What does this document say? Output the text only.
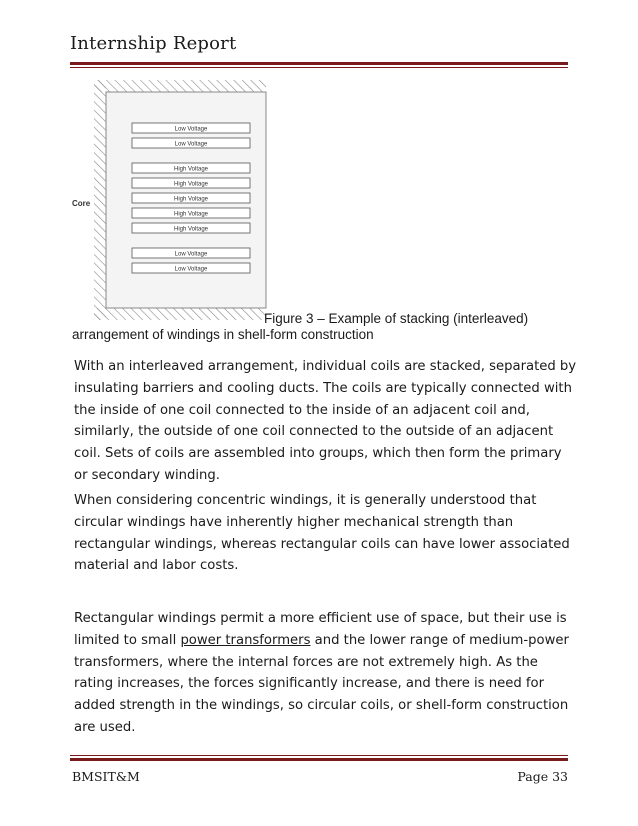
Internship Report
Core
Low Voltage
Low Voltage
High Voltage
High Voltage
High Voltage
High Voltage
High Voltage
Low Voltage
Low Voltage
Figure 3 – Example of stacking (interleaved)
arrangement of windings in shell-form construction

With an interleaved arrangement, individual coils are stacked, separated by
insulating barriers and cooling ducts. The coils are typically connected with
the inside of one coil connected to the inside of an adjacent coil and,
similarly, the outside of one coil connected to the outside of an adjacent
coil. Sets of coils are assembled into groups, which then form the primary
or secondary winding.

When considering concentric windings, it is generally understood that
circular windings have inherently higher mechanical strength than
rectangular windings, whereas rectangular coils can have lower associated
material and labor costs.

Rectangular windings permit a more efficient use of space, but their use is
limited to small power transformers and the lower range of medium-power
transformers, where the internal forces are not extremely high. As the
rating increases, the forces significantly increase, and there is need for
added strength in the windings, so circular coils, or shell-form construction
are used.

BMSIT&M	Page 33
